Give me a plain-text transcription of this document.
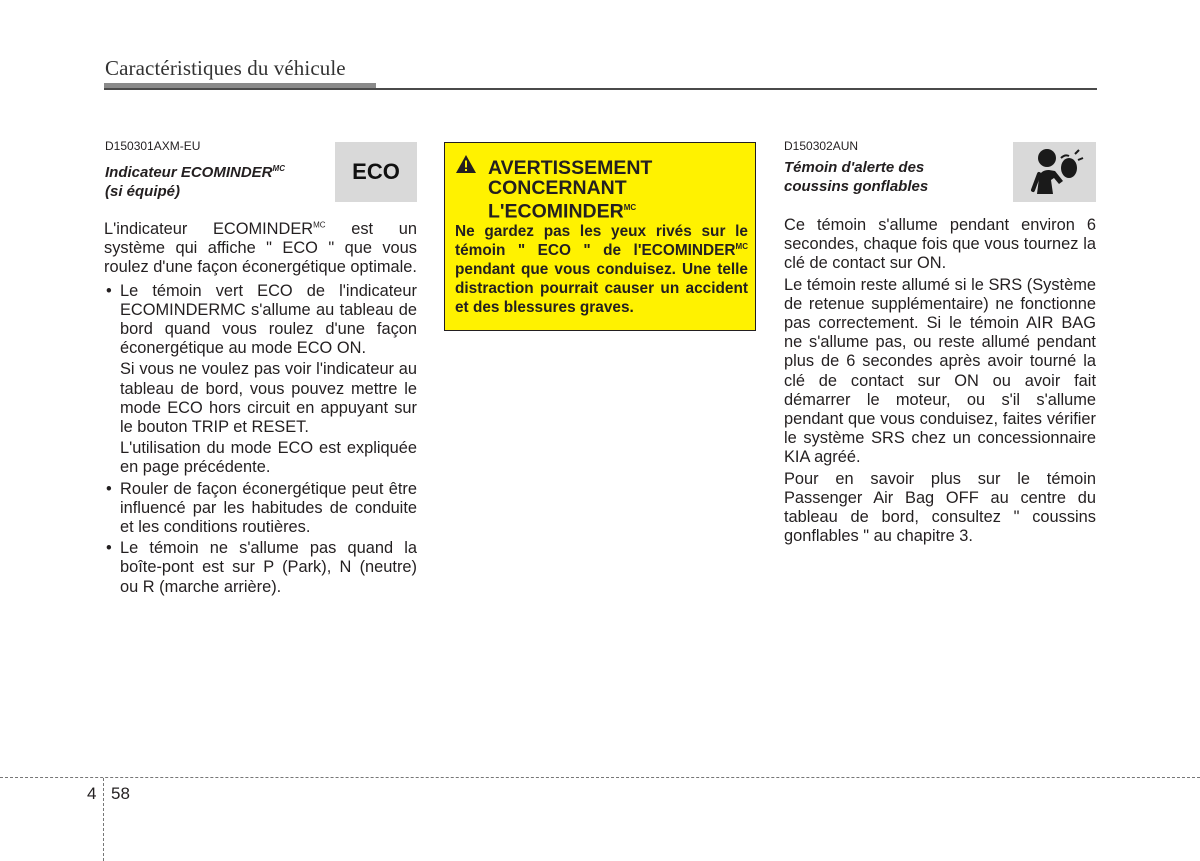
Caractéristiques du véhicule
D150301AXM-EU
Indicateur $ECOMINDER^{MC}$
(si équipé)
ECO

L'indicateur $ECOMINDER^{MC}$ est un système qui affiche " ECO " que vous roulez d'une façon éconergétique optimale.

• Le témoin vert ECO de l'indicateur ECOMINDERMC s'allume au tableau de bord quand vous roulez d'une façon éconergétique au mode ECO ON.

Si vous ne voulez pas voir l'indicateur au tableau de bord, vous pouvez mettre le mode ECO hors circuit en appuyant sur le bouton TRIP et RESET.

L'utilisation du mode ECO est expliquée en page précédente.

• Rouler de façon éconergétique peut être influencé par les habitudes de conduite et les conditions routières.

• Le témoin ne s'allume pas quand la boîte-pont est sur P (Park), N (neutre) ou R (marche arrière).

AVERTISSEMENT
CONCERNANT
$L'ECOMINDER^{MC}$
Ne gardez pas les yeux rivés sur le témoin " ECO " de $l'ECOMINDER^{MC}$ pendant que vous conduisez. Une telle distraction pourrait causer un accident et des blessures graves.
D150302AUN
Témoin d'alerte des
coussins gonflables

Ce témoin s'allume pendant environ 6 secondes, chaque fois que vous tournez la clé de contact sur ON.

Le témoin reste allumé si le SRS (Système de retenue supplémentaire) ne fonctionne pas correctement. Si le témoin AIR BAG ne s'allume pas, ou reste allumé pendant plus de 6 secondes après avoir tourné la clé de contact sur ON ou avoir fait démarrer le moteur, ou s'il s'allume pendant que vous conduisez, faites vérifier le système SRS chez un concessionnaire KIA agréé.

Pour en savoir plus sur le témoin Passenger Air Bag OFF au centre du tableau de bord, consultez " coussins gonflables " au chapitre 3.

4 58
